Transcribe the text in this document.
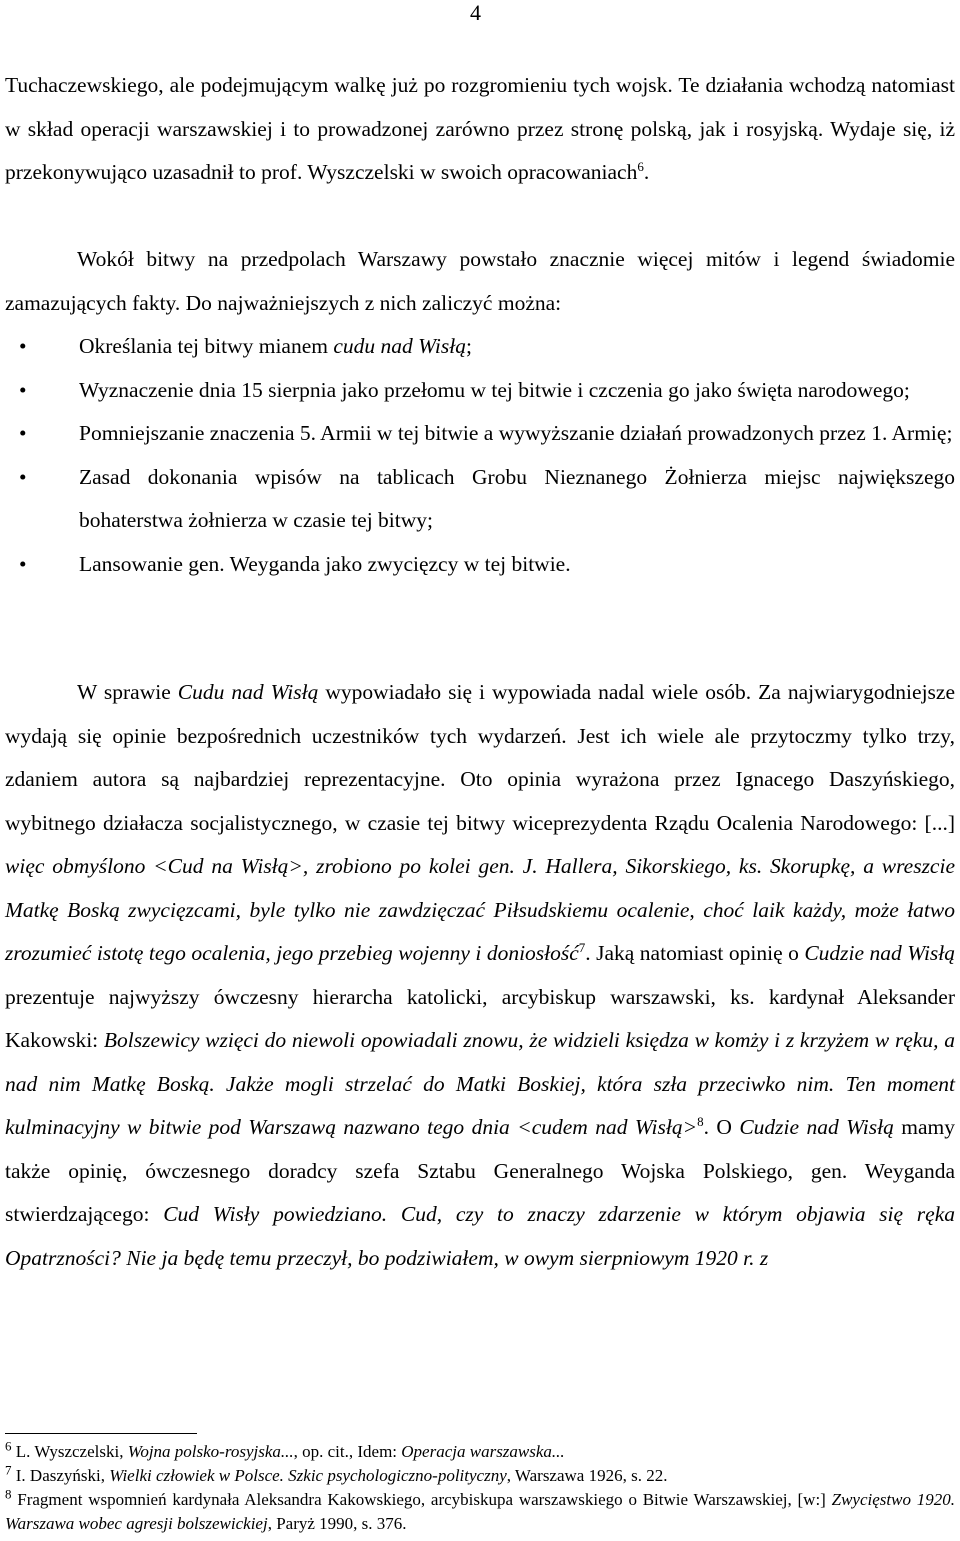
4

Tuchaczewskiego, ale podejmującym walkę już po rozgromieniu tych wojsk. Te działania wchodzą natomiast w skład operacji warszawskiej i to prowadzonej zarówno przez stronę polską, jak i rosyjską. Wydaje się, iż przekonywująco uzasadnił to prof. Wyszczelski w swoich opracowaniach$^6$.

Wokół bitwy na przedpolach Warszawy powstało znacznie więcej mitów i legend świadomie zamazujących fakty. Do najważniejszych z nich zaliczyć można:

• Określania tej bitwy mianem cudu nad Wisłą;
• Wyznaczenie dnia 15 sierpnia jako przełomu w tej bitwie i czczenia go jako święta narodowego;
• Pomniejszanie znaczenia 5. Armii w tej bitwie a wywyższanie działań prowadzonych przez 1. Armię;
• Zasad dokonania wpisów na tablicach Grobu Nieznanego Żołnierza miejsc największego bohaterstwa żołnierza w czasie tej bitwy;
• Lansowanie gen. Weyganda jako zwycięzcy w tej bitwie.

W sprawie Cudu nad Wisłą wypowiadało się i wypowiada nadal wiele osób. Za najwiarygodniejsze wydają się opinie bezpośrednich uczestników tych wydarzeń. Jest ich wiele ale przytoczmy tylko trzy, zdaniem autora są najbardziej reprezentacyjne. Oto opinia wyrażona przez Ignacego Daszyńskiego, wybitnego działacza socjalistycznego, w czasie tej bitwy wiceprezydenta Rządu Ocalenia Narodowego: [...] więc obmyślono <Cud na Wisłą>, zrobiono po kolei gen. J. Hallera, Sikorskiego, ks. Skorupkę, a wreszcie Matkę Boską zwycięzcami, byle tylko nie zawdzięczać Piłsudskiemu ocalenie, choć laik każdy, może łatwo zrozumieć istotę tego ocalenia, jego przebieg wojenny i doniosłość$^7$. Jaką natomiast opinię o Cudzie nad Wisłą prezentuje najwyższy ówczesny hierarcha katolicki, arcybiskup warszawski, ks. kardynał Aleksander Kakowski: Bolszewicy wzięci do niewoli opowiadali znowu, że widzieli księdza w komży i z krzyżem w ręku, a nad nim Matkę Boską. Jakże mogli strzelać do Matki Boskiej, która szła przeciwko nim. Ten moment kulminacyjny w bitwie pod Warszawą nazwano tego dnia <cudem nad Wisłą>$^8$. O Cudzie nad Wisłą mamy także opinię, ówczesnego doradcy szefa Sztabu Generalnego Wojska Polskiego, gen. Weyganda stwierdzającego: Cud Wisły powiedziano. Cud, czy to znaczy zdarzenie w którym objawia się ręka Opatrzności? Nie ja będę temu przeczył, bo podziwiałem, w owym sierpniowym 1920 r. z

$^6$ L. Wyszczelski, Wojna polsko-rosyjska..., op. cit., Idem: Operacja warszawska...

$^7$ I. Daszyński, Wielki człowiek w Polsce. Szkic psychologiczno-polityczny, Warszawa 1926, s. 22.

$^8$ Fragment wspomnień kardynała Aleksandra Kakowskiego, arcybiskupa warszawskiego o Bitwie Warszawskiej, [w:] Zwycięstwo 1920. Warszawa wobec agresji bolszewickiej, Paryż 1990, s. 376.
